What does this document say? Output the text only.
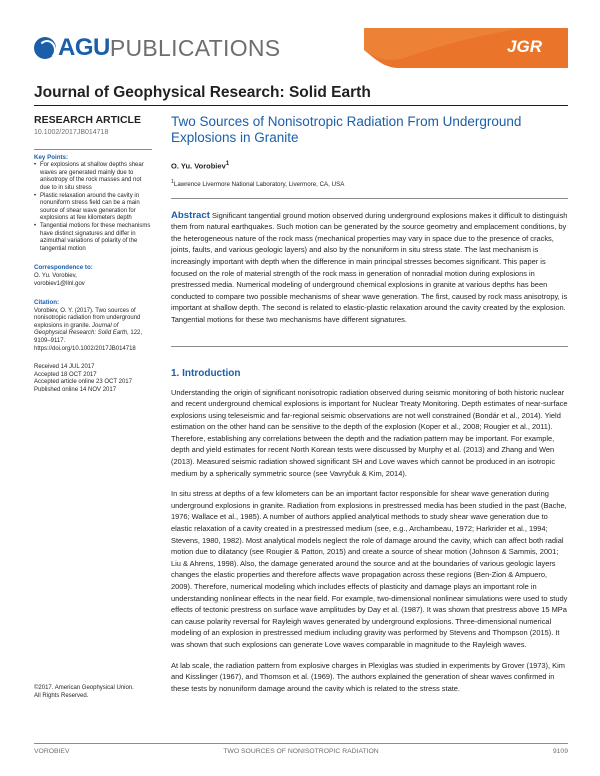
AGU PUBLICATIONS	JGR
Journal of Geophysical Research: Solid Earth
RESEARCH ARTICLE
10.1002/2017JB014718
Key Points:
• For explosions at shallow depths shear waves are generated mainly due to anisotropy of the rock masses and not due to in situ stress
• Plastic relaxation around the cavity in nonuniform stress field can be a main source of shear wave generation for explosions at few kilometers depth
• Tangential motions for these mechanisms have distinct signatures and differ in azimuthal variations of polarity of the tangential motion
Correspondence to:
O. Yu. Vorobiev,
vorobiev1@llnl.gov
Citation:
Vorobiev, O. Y. (2017). Two sources of nonisotropic radiation from underground explosions in granite. Journal of Geophysical Research: Solid Earth, 122, 9109–9117. https://doi.org/10.1002/2017JB014718
Received 14 JUL 2017
Accepted 18 OCT 2017
Accepted article online 23 OCT 2017
Published online 14 NOV 2017
©2017. American Geophysical Union.
All Rights Reserved.
Two Sources of Nonisotropic Radiation From Underground Explosions in Granite
O. Yu. Vorobiev$^1$
$^1$Lawrence Livermore National Laboratory, Livermore, CA, USA
Abstract Significant tangential ground motion observed during underground explosions makes it difficult to distinguish them from natural earthquakes. Such motion can be generated by the source geometry and emplacement conditions, by the heterogeneous nature of the rock mass (mechanical properties may vary in space due to the presence of cracks, joints, faults, and various geologic layers) and also by the nonuniform in situ stress state. The last mechanism is increasingly important with depth when the difference in main principal stresses becomes significant. This paper is focused on the role of material strength of the rock mass in generation of nonradial motion during explosions in prestressed media. Numerical modeling of underground chemical explosions in granite at various depths has been conducted to compare two possible mechanisms of shear wave generation. The first, caused by rock mass anisotropy, is important at shallow depth. The second is related to elastic-plastic relaxation around the cavity created by the explosion. Tangential motions for these two mechanisms have different signatures.
1. Introduction

Understanding the origin of significant nonisotropic radiation observed during seismic monitoring of both historic nuclear and recent underground chemical explosions is important for Nuclear Treaty Monitoring. Depth estimates of near-surface explosions using teleseismic and far-regional seismic observations are not well constrained (Bondár et al., 2014). Yield estimation on the other hand can be sensitive to the depth of the explosion (Koper et al., 2008; Rougier et al., 2011). Therefore, establishing any correlations between the depth and the radiation pattern may be important. For example, depth and yield estimates for recent North Korean tests were discussed by Murphy et al. (2013) and Zhang and Wen (2013). Measured seismic radiation showed significant SH and Love waves which cannot be produced in an isotropic medium by a spherically symmetric source (see Vavryčuk & Kim, 2014).

In situ stress at depths of a few kilometers can be an important factor responsible for shear wave generation during underground explosions in granite. Radiation from explosions in prestressed media has been studied in the past (Bache, 1976; Wallace et al., 1985). A number of authors applied analytical methods to study shear wave generation due to elastic relaxation of a cavity created in a prestressed medium (see, e.g., Archambeau, 1972; Harkrider et al., 1994; Stevens, 1980, 1982). Most analytical models neglect the role of damage around the cavity, which can affect both radial motion due to dilatancy (see Rougier & Patton, 2015) and create a source of shear motion (Johnson & Sammis, 2001; Liu & Ahrens, 1998). Also, the damage generated around the source and at the boundaries of various geologic layers changes the elastic properties and therefore affects wave propagation across these regions (Ben-Zion & Ampuero, 2009). Therefore, numerical modeling which includes effects of plasticity and damage plays an important role in understanding nonlinear effects in the near field. For example, two-dimensional nonlinear simulations were used to study effects of tectonic prestress on surface wave amplitudes by Day et al. (1987). It was shown that prestress above 15 MPa can cause polarity reversal for Rayleigh waves generated by underground explosions. Three-dimensional numerical modeling of an explosion in prestressed medium including gravity was performed by Stevens and Thompson (2015). It was shown that such explosions can generate Love waves comparable in magnitude to the Rayleigh waves.

At lab scale, the radiation pattern from explosive charges in Plexiglas was studied in experiments by Grover (1973), Kim and Kisslinger (1967), and Thomson et al. (1969). The authors explained the generation of shear waves confirmed in these tests by nonuniform damage around the cavity which is related to the stress state.

VOROBIEV	TWO SOURCES OF NONISOTROPIC RADIATION	9109
